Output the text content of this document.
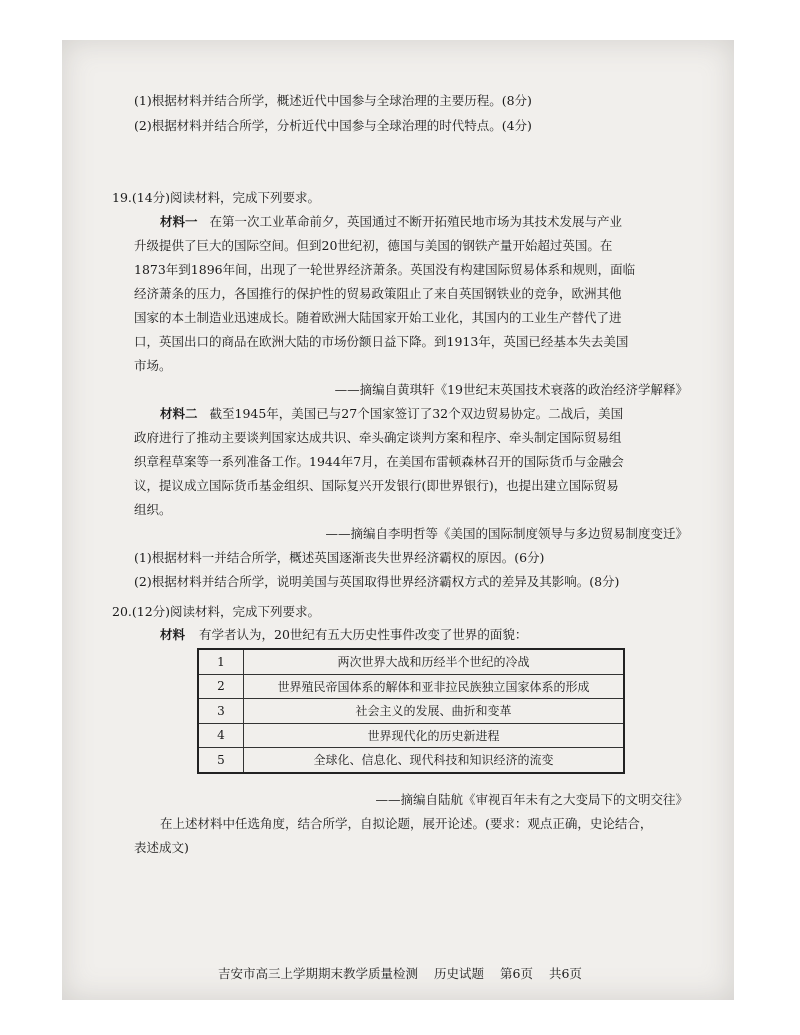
(1)根据材料并结合所学，概述近代中国参与全球治理的主要历程。(8分)
(2)根据材料并结合所学，分析近代中国参与全球治理的时代特点。(4分)
19.(14分)阅读材料，完成下列要求。
材料一 在第一次工业革命前夕，英国通过不断开拓殖民地市场为其技术发展与产业
升级提供了巨大的国际空间。但到20世纪初，德国与美国的钢铁产量开始超过英国。在
1873年到1896年间，出现了一轮世界经济萧条。英国没有构建国际贸易体系和规则，面临
经济萧条的压力，各国推行的保护性的贸易政策阻止了来自英国钢铁业的竞争，欧洲其他
国家的本土制造业迅速成长。随着欧洲大陆国家开始工业化，其国内的工业生产替代了进
口，英国出口的商品在欧洲大陆的市场份额日益下降。到1913年，英国已经基本失去美国
市场。
——摘编自黄琪轩《19世纪末英国技术衰落的政治经济学解释》
材料二 截至1945年，美国已与27个国家签订了32个双边贸易协定。二战后，美国
政府进行了推动主要谈判国家达成共识、牵头确定谈判方案和程序、牵头制定国际贸易组
织章程草案等一系列准备工作。1944年7月，在美国布雷顿森林召开的国际货币与金融会
议，提议成立国际货币基金组织、国际复兴开发银行(即世界银行)，也提出建立国际贸易
组织。
——摘编自李明哲等《美国的国际制度领导与多边贸易制度变迁》
(1)根据材料一并结合所学，概述英国逐渐丧失世界经济霸权的原因。(6分)
(2)根据材料并结合所学，说明美国与英国取得世界经济霸权方式的差异及其影响。(8分)
20.(12分)阅读材料，完成下列要求。
材料 有学者认为，20世纪有五大历史性事件改变了世界的面貌：
1	两次世界大战和历经半个世纪的冷战
2	世界殖民帝国体系的解体和亚非拉民族独立国家体系的形成
3	社会主义的发展、曲折和变革
4	世界现代化的历史新进程
5	全球化、信息化、现代科技和知识经济的流变
——摘编自陆航《审视百年未有之大变局下的文明交往》
在上述材料中任选角度，结合所学，自拟论题，展开论述。(要求：观点正确，史论结合，
表述成文)
吉安市高三上学期期末教学质量检测 历史试题 第6页 共6页
